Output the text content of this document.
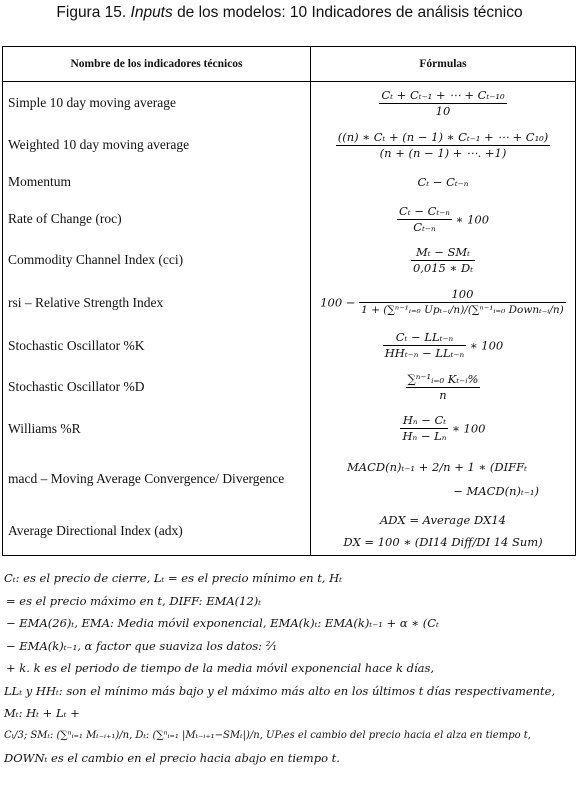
Figura 15. Inputs de los modelos: 10 Indicadores de análisis técnico
Nombre de los indicadores técnicos	Fórmulas
Simple 10 day moving average	$\frac{\text{Cₜ + Cₜ₋₁ + ⋯ + Cₜ₋₁₀}}{10}$

Weighted 10 day moving average	$\frac{\text{((n) ∗ Cₜ + (n − 1) ∗ Cₜ₋₁ + ⋯ + C₁₀)}}{(n + (n - 1) + \cdots. +1)}$

Momentum	Cₜ − Cₜ₋ₙ
Rate of Change (roc)	$\frac{\text{Cₜ − Cₜ₋ₙ}}{\text{Cₜ₋ₙ}}$ ∗ 100
Commodity Channel Index (cci)	$\frac{\text{Mₜ − SMₜ}}{\text{0,015 ∗ Dₜ}}$

rsi – Relative Strength Index	$100 - \frac{100}{\text{1 + (∑ⁿ⁻¹ᵢ₌₀ Upₜ₋ᵢ/n)/(∑ⁿ⁻¹ᵢ₌₀ Downₜ₋ᵢ/n)}}$

Stochastic Oscillator %K	$\frac{\text{Cₜ − LLₜ₋ₙ}}{\text{HHₜ₋ₙ − LLₜ₋ₙ}}$ ∗ 100
Stochastic Oscillator %D	$\frac{\text{∑ⁿ⁻¹ᵢ₌₀ Kₜ₋ᵢ\%}}{n}$

Williams %R	$\frac{\text{Hₙ − Cₜ}}{\text{Hₙ − Lₙ}}$ ∗ 100
macd – Moving Average Convergence/ Divergence	MACD(n)ₜ₋₁ + 2/n + 1 ∗ (DIFFₜ
− MACD(n)ₜ₋₁)

Average Directional Index (adx)	ADX = Average DX14
DX = 100 ∗ (DI14 Diff/DI 14 Sum)
Cₜ: es el precio de cierre, Lₜ = es el precio mínimo en t, Hₜ
= es el precio máximo en t, DIFF: EMA(12)ₜ
− EMA(26)ₜ, EMA: Media móvil exponencial, EMA(k)ₜ: EMA(k)ₜ₋₁ + α ∗ (Cₜ
− EMA(k)ₜ₋₁, α factor que suaviza los datos: ²⁄₁
+ k. k es el periodo de tiempo de la media móvil exponencial hace k días,
LLₜ y HHₜ: son el mínimo más bajo y el máximo más alto en los últimos t días respectivamente,
Mₜ: Hₜ + Lₜ +
Cₜ/3; SMₜ: (∑ⁿᵢ₌₁ Mₜ₋ᵢ₊₁)/n, Dₜ: (∑ⁿᵢ₌₁ |Mₜ₋ᵢ₊₁−SMₜ|)/n, UPₜes el cambio del precio hacia el alza en tiempo t,
DOWNₜ es el cambio en el precio hacia abajo en tiempo t.
